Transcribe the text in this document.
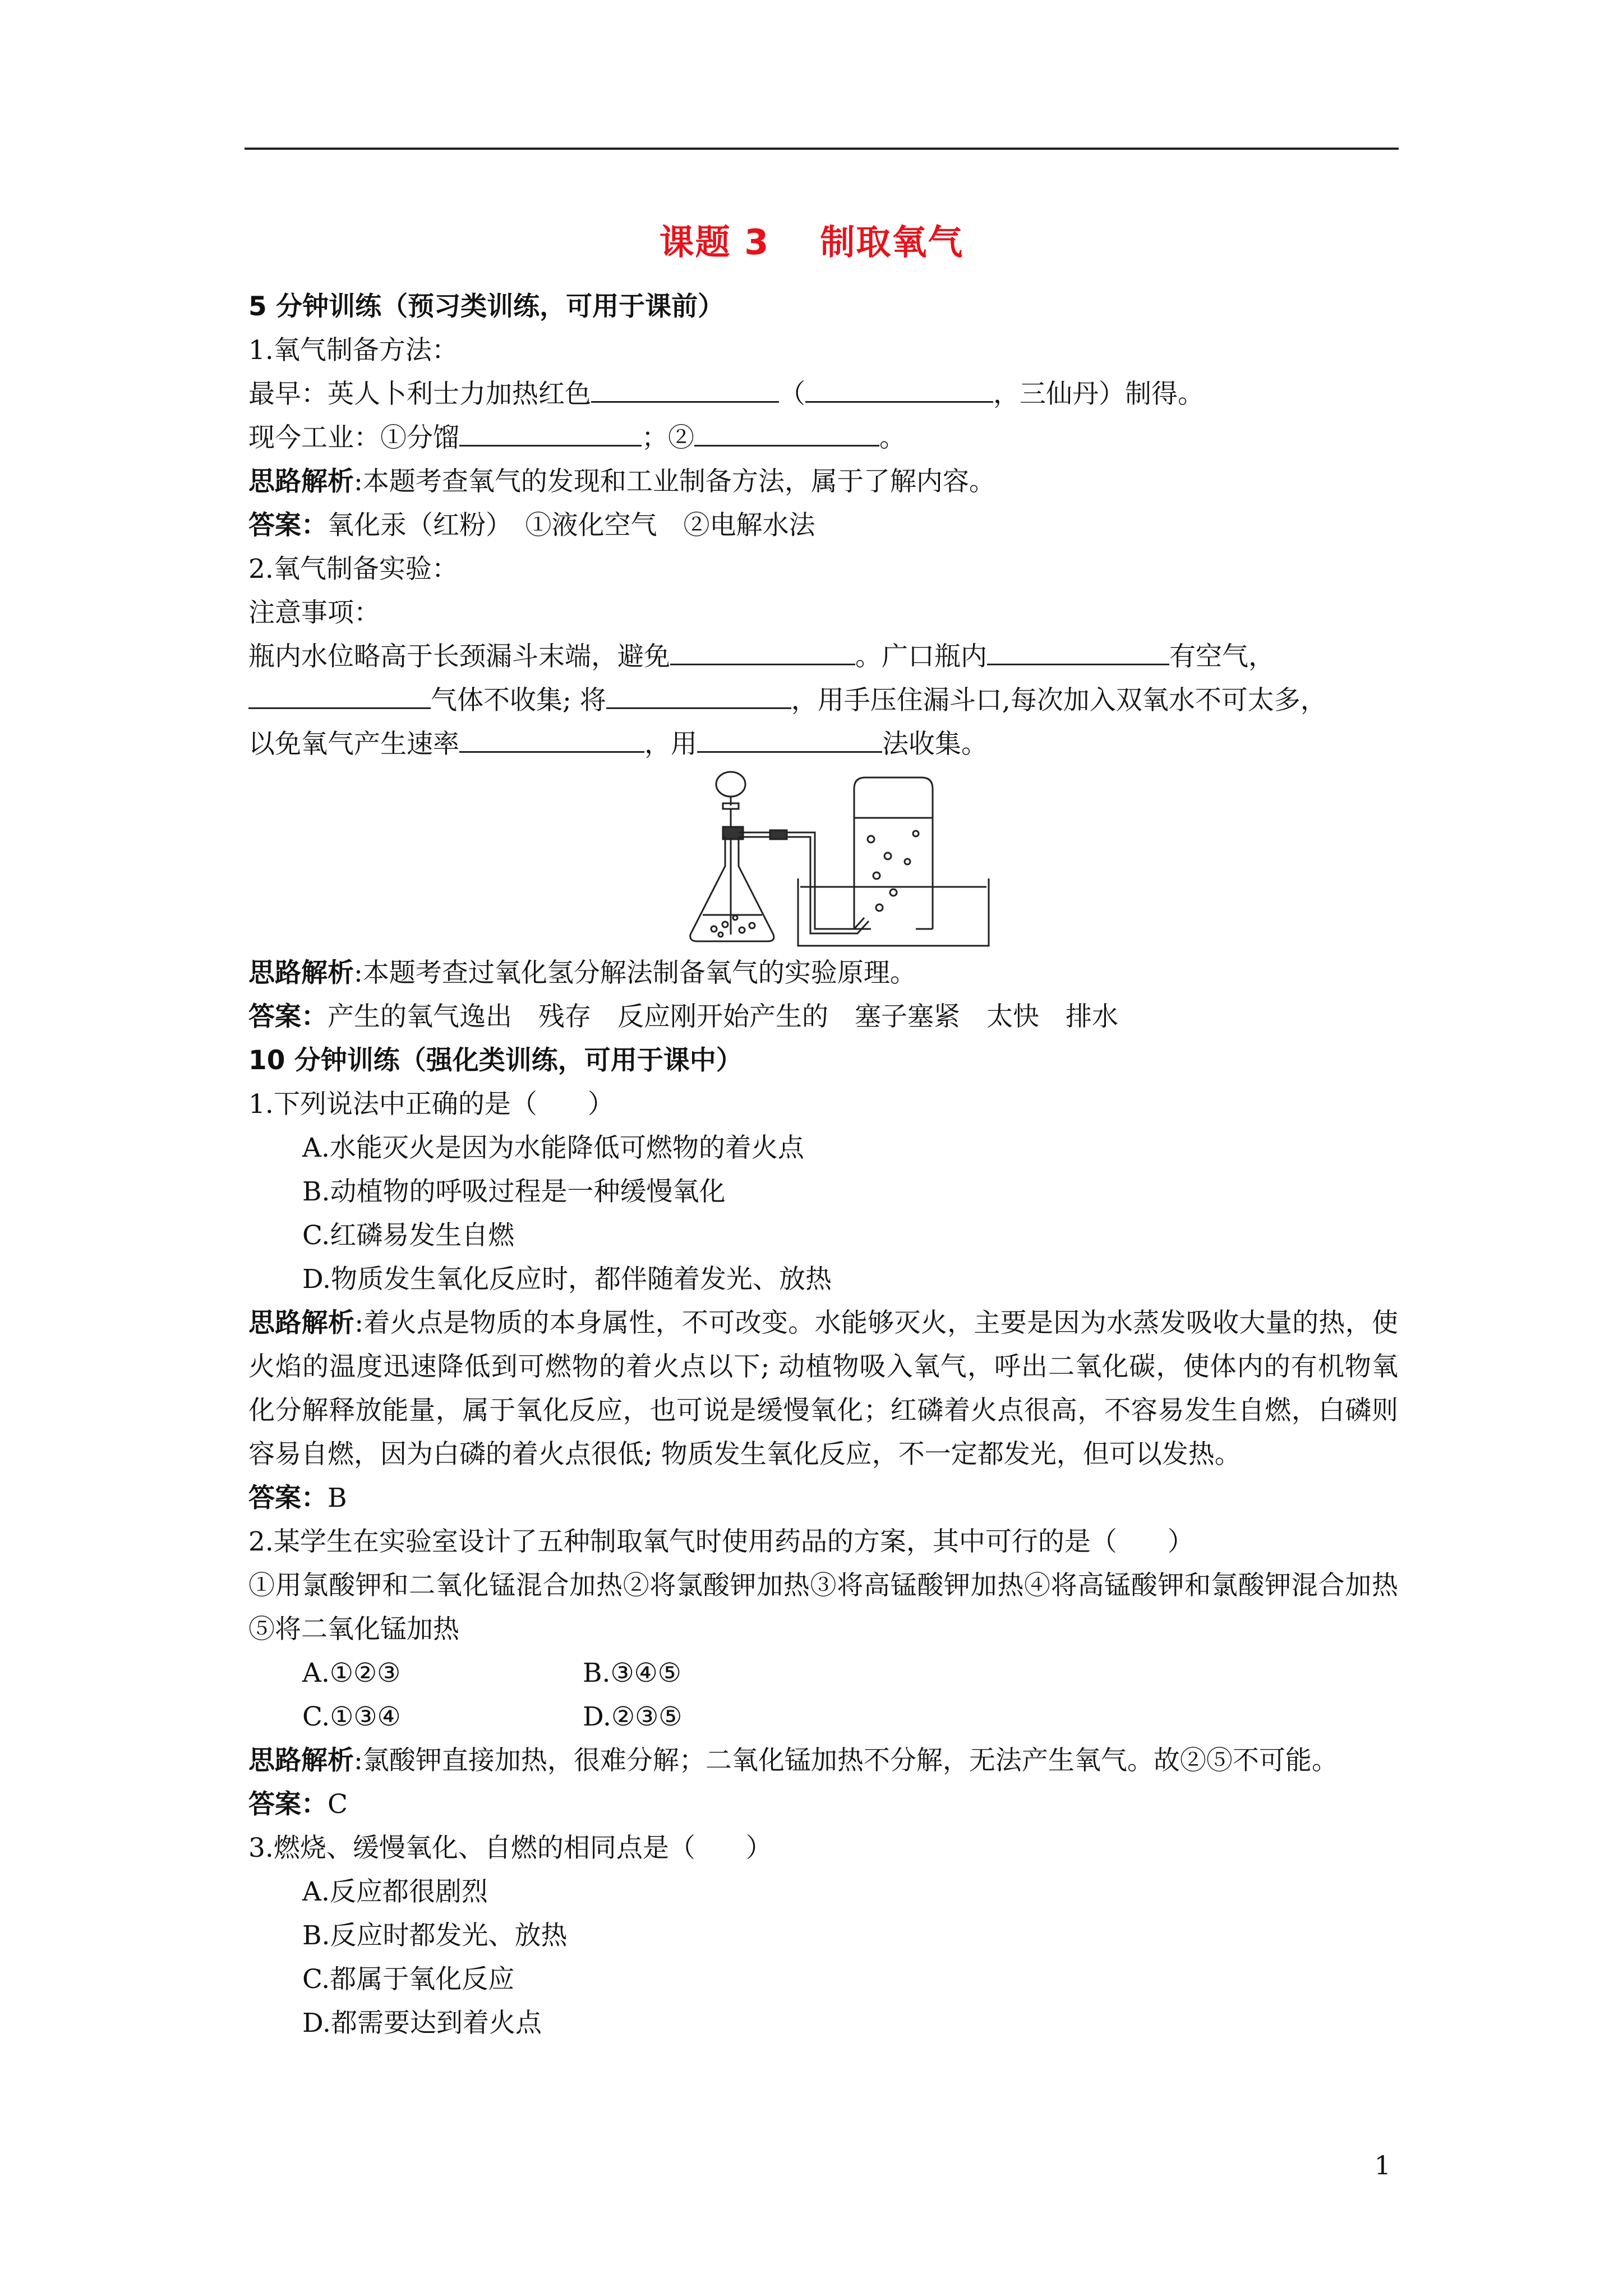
课题 3 制取氧气
5 分钟训练（预习类训练，可用于课前）
1.氧气制备方法：
最早：英人卜利士力加热红色	（	，三仙丹）制得。
现今工业：①分馏	；②	。
思路解析:本题考查氧气的发现和工业制备方法，属于了解内容。
答案：氧化汞（红粉）　①液化空气　②电解水法
2.氧气制备实验：
注意事项：
瓶内水位略高于长颈漏斗末端，避免	。广口瓶内	有空气，
气体不收集; 将	，用手压住漏斗口,每次加入双氧水不可太多，
以免氧气产生速率	，用	法收集。
思路解析:本题考查过氧化氢分解法制备氧气的实验原理。
答案：产生的氧气逸出　残存　反应刚开始产生的　塞子塞紧　太快　排水
10 分钟训练（强化类训练，可用于课中）
1.下列说法中正确的是（ ）
A.水能灭火是因为水能降低可燃物的着火点
B.动植物的呼吸过程是一种缓慢氧化
C.红磷易发生自燃
D.物质发生氧化反应时，都伴随着发光、放热
思路解析:着火点是物质的本身属性，不可改变。水能够灭火，主要是因为水蒸发吸收大量的热，使火焰的温度迅速降低到可燃物的着火点以下; 动植物吸入氧气，呼出二氧化碳，使体内的有机物氧化分解释放能量，属于氧化反应，也可说是缓慢氧化；红磷着火点很高，不容易发生自燃，白磷则容易自燃，因为白磷的着火点很低; 物质发生氧化反应，不一定都发光，但可以发热。
答案：B
2.某学生在实验室设计了五种制取氧气时使用药品的方案，其中可行的是（ ）
①用氯酸钾和二氧化锰混合加热②将氯酸钾加热③将高锰酸钾加热④将高锰酸钾和氯酸钾混合加热⑤将二氧化锰加热
A.①②③	B.③④⑤
C.①③④	D.②③⑤
思路解析:氯酸钾直接加热，很难分解；二氧化锰加热不分解，无法产生氧气。故②⑤不可能。
答案：C
3.燃烧、缓慢氧化、自燃的相同点是（ ）
A.反应都很剧烈
B.反应时都发光、放热
C.都属于氧化反应
D.都需要达到着火点
1
